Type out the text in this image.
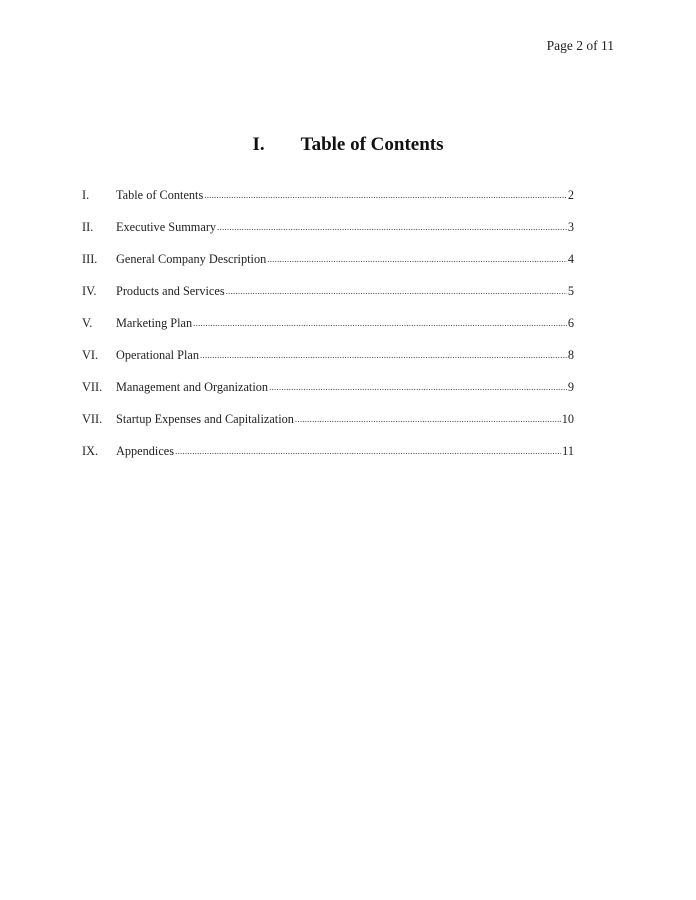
Page 2 of 11
I. Table of Contents
I.	Table of Contents .....	2
II.	Executive Summary .....	3
III.	General Company Description .....	4
IV.	Products and Services .....	5
V.	Marketing Plan .....	6
VI.	Operational Plan .....	8
VII.	Management and Organization .....	9
VII.	Startup Expenses and Capitalization .....	10
IX.	Appendices .....	11
